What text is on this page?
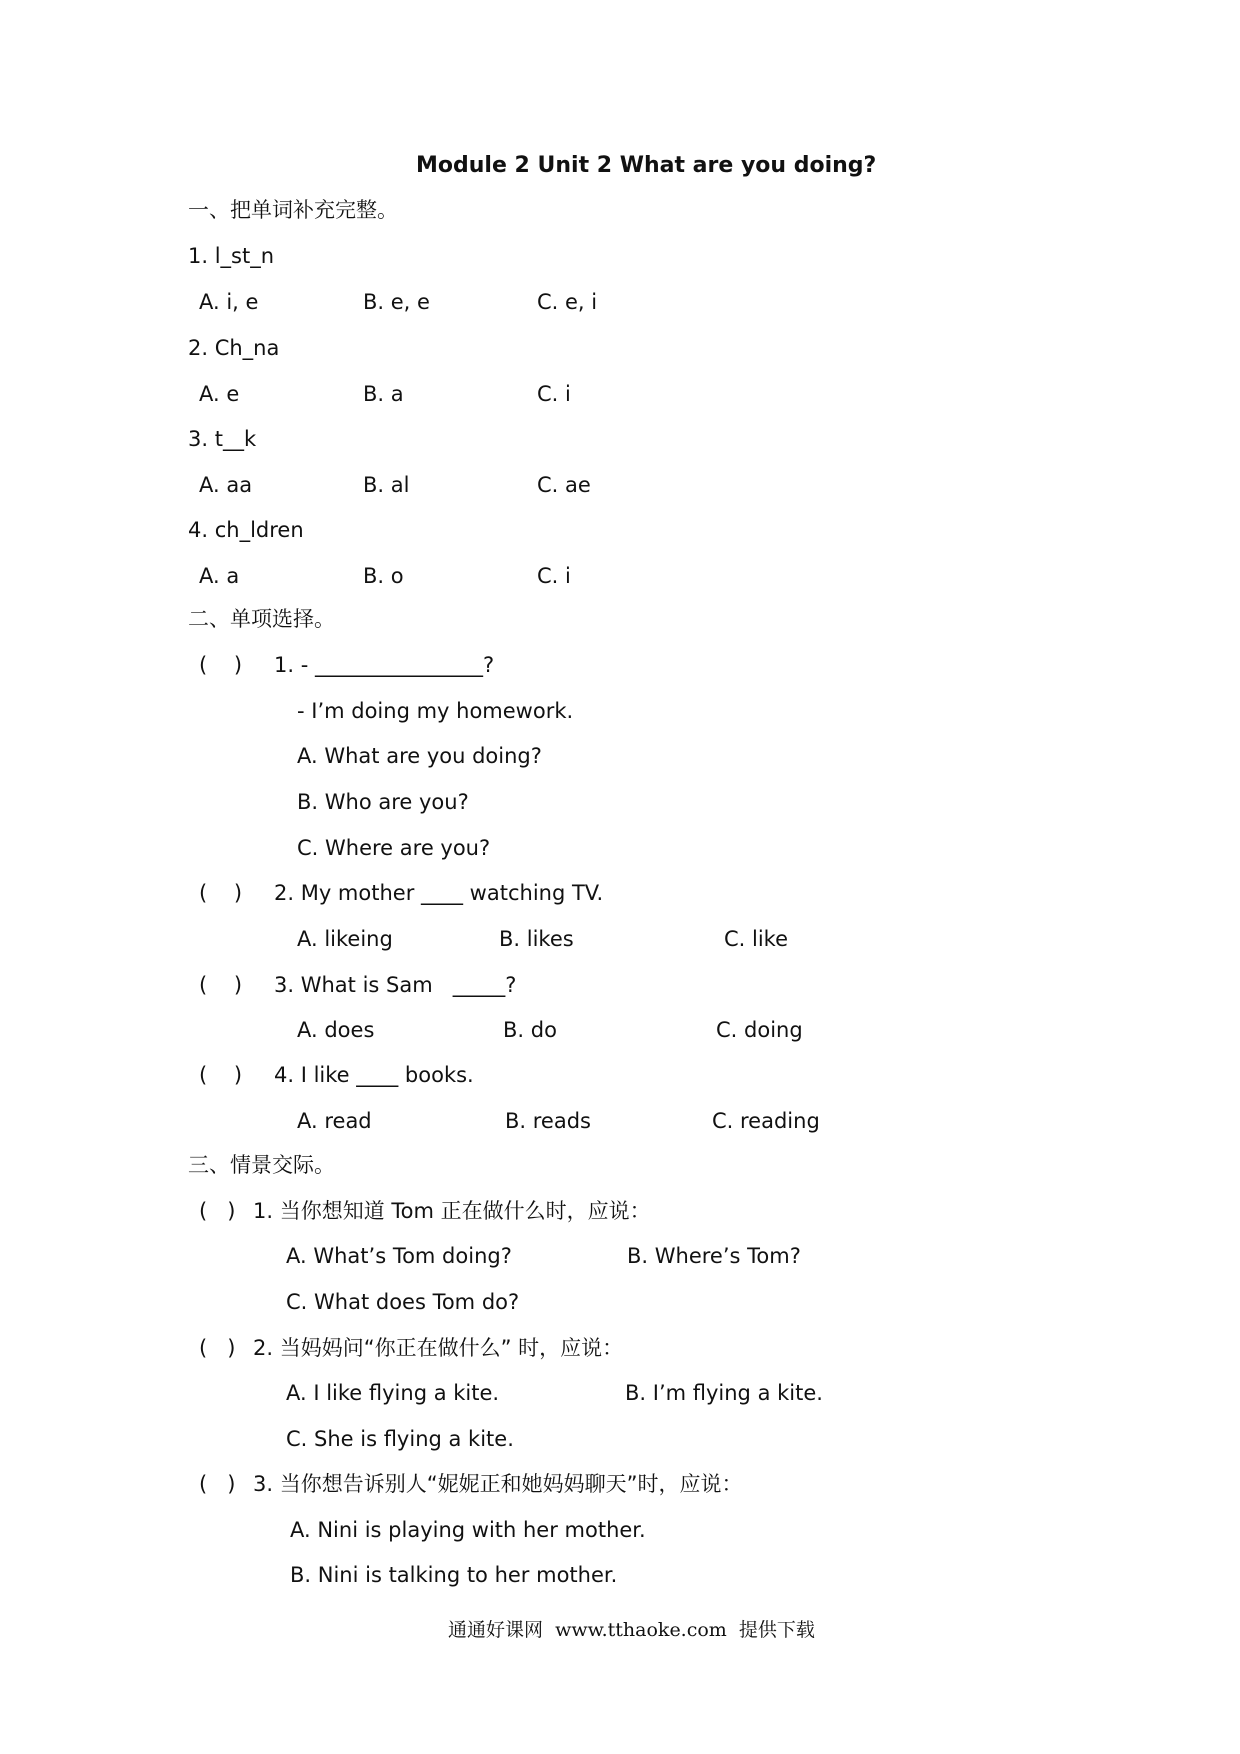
Module 2 Unit 2 What are you doing?
一、把单词补充完整。
1. l_st_n
A. i, e	B. e, e	C. e, i
2. Ch_na
A. e	B. a	C. i
3. t__k
A. aa	B. al	C. ae
4. ch_ldren
A. a	B. o	C. i
二、单项选择。
(    ) 1. - ________________?
- I’m doing my homework.
A. What are you doing?
B. Who are you?
C. Where are you?
(    ) 2. My mother ____ watching TV.
A. likeing	B. likes	C. like
(    ) 3. What is Sam   _____?
A. does	B. do	C. doing
(    ) 4. I like ____ books.
A. read	B. reads	C. reading
三、情景交际。
(   ) 1. 当你想知道 Tom 正在做什么时，应说：
A. What’s Tom doing?	B. Where’s Tom?
C. What does Tom do?
(   ) 2. 当妈妈问“你正在做什么” 时，应说：
A. I like flying a kite.	B. I’m flying a kite.
C. She is flying a kite.
(   ) 3. 当你想告诉别人“妮妮正和她妈妈聊天”时，应说：
A. Nini is playing with her mother.
B. Nini is talking to her mother.
通通好课网  www.tthaoke.com  提供下载
